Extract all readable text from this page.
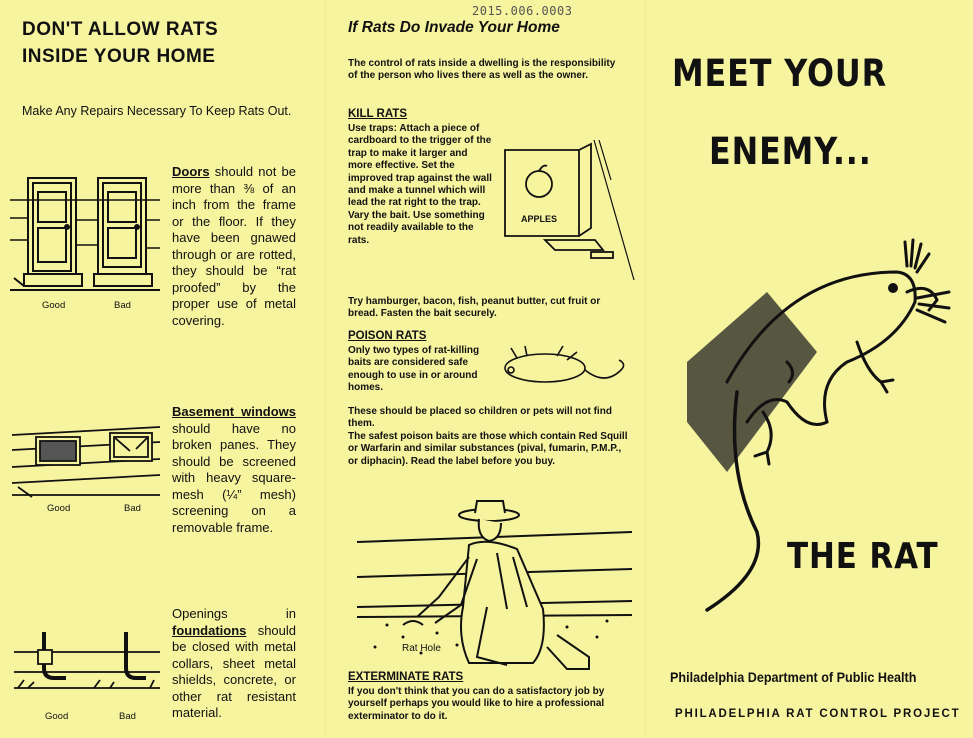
DON'T ALLOW RATS
INSIDE YOUR HOME
Make Any Repairs Necessary To Keep Rats Out.
Good	Bad
Doors should not be more than ⅜ of an inch from the frame or the floor. If they have been gnawed through or are rotted, they should be “rat proofed” by the proper use of metal covering.
Good	Bad
Basement windows should have no broken panes. They should be screened with heavy square-mesh (¼” mesh) screening on a removable frame.
Good	Bad
Openings in foundations should be closed with metal collars, sheet metal shields, concrete, or other rat resistant material.
2015.006.0003
If Rats Do Invade Your Home
The control of rats inside a dwelling is the responsibility of the person who lives there as well as the owner.
KILL RATS
Use traps: Attach a piece of cardboard to the trigger of the trap to make it larger and more effective. Set the improved trap against the wall and make a tunnel which will lead the rat right to the trap. Vary the bait. Use something not readily available to the rats.
Try hamburger, bacon, fish, peanut butter, cut fruit or bread. Fasten the bait securely.
APPLES
POISON RATS
Only two types of rat-killing baits are considered safe enough to use in or around homes.
These should be placed so children or pets will not find them.
The safest poison baits are those which contain Red Squill or Warfarin and similar substances (pival, fumarin, P.M.P., or diphacin). Read the label before you buy.
Rat Hole
EXTERMINATE RATS
If you don't think that you can do a satisfactory job by yourself perhaps you would like to hire a professional exterminator to do it.
MEET YOUR
ENEMY...
THE RAT
Philadelphia Department of Public Health
PHILADELPHIA RAT CONTROL PROJECT
